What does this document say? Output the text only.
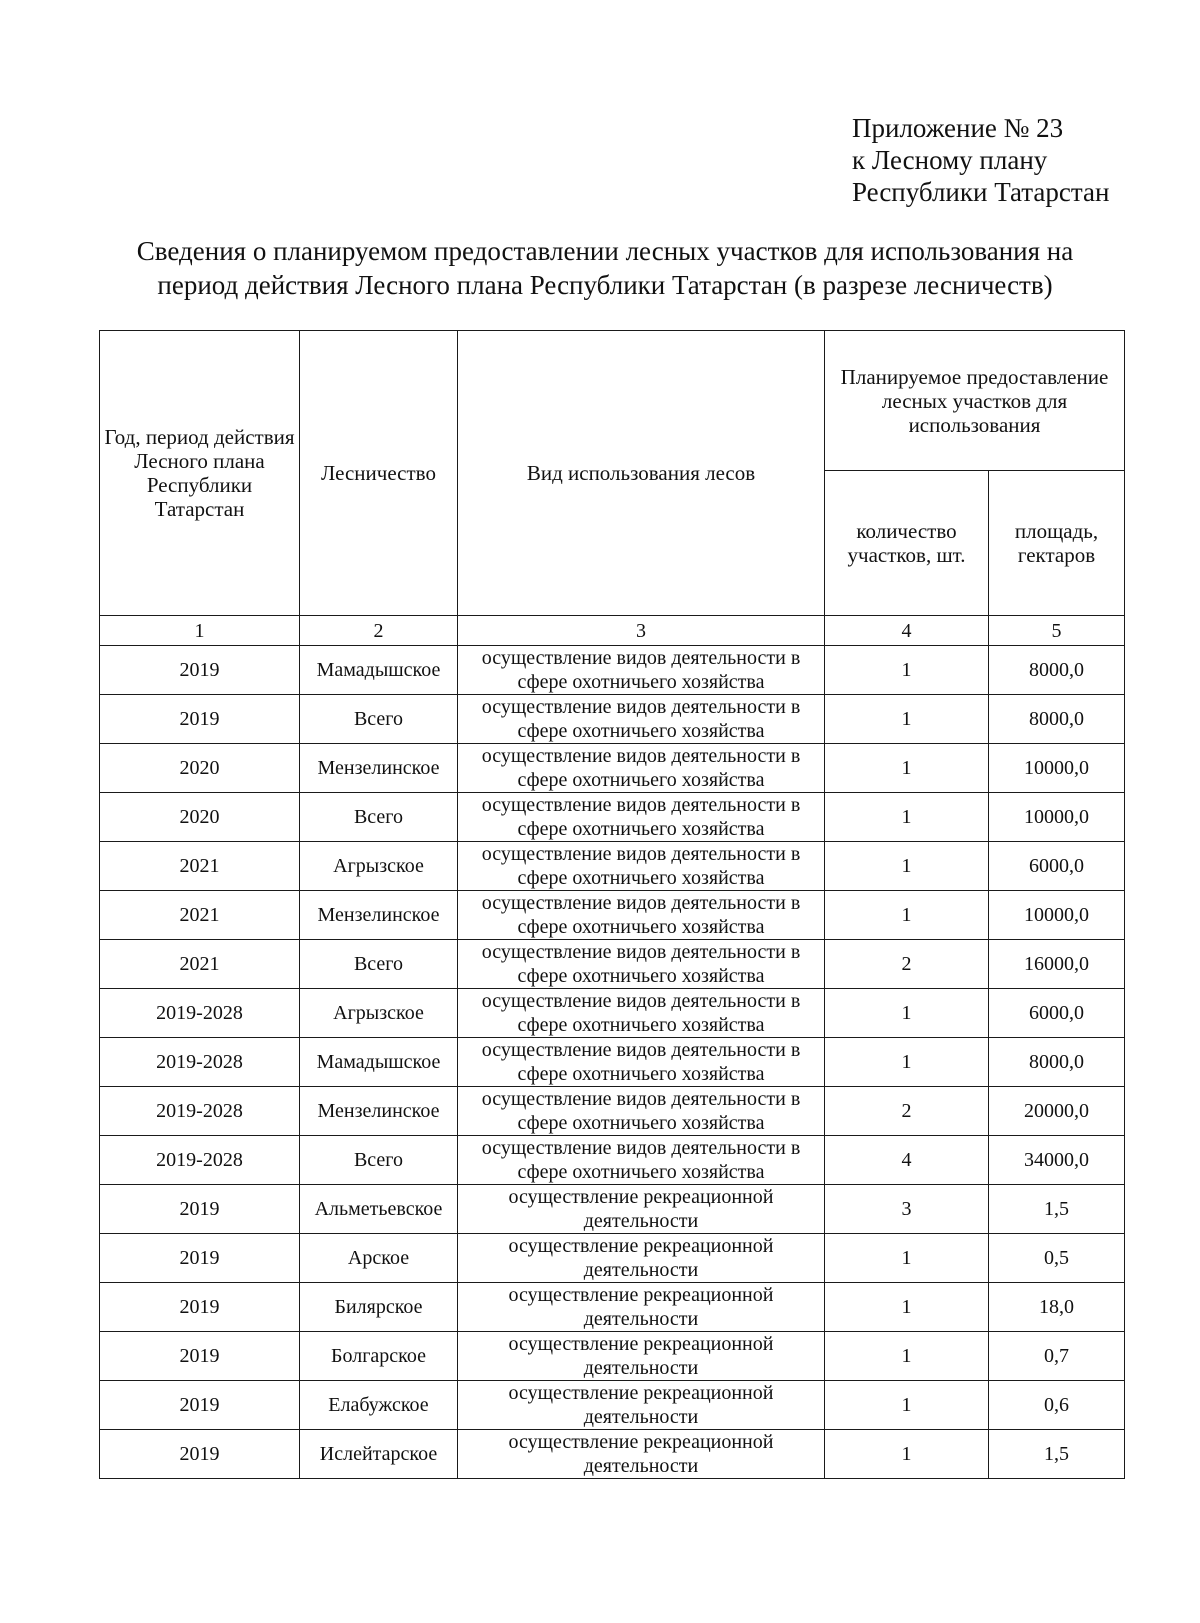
Приложение № 23
к Лесному плану
Республики Татарстан
Сведения о планируемом предоставлении лесных участков для использования на
период действия Лесного плана Республики Татарстан (в разрезе лесничеств)
Год, период действия Лесного плана Республики Татарстан	Лесничество	Вид использования лесов	Планируемое предоставление лесных участков для использования	
			количество участков, шт.	площадь, гектаров
1	2	3	4	5
2019	Мамадышское	осуществление видов деятельности в сфере охотничьего хозяйства	1	8000,0
2019	Всего	осуществление видов деятельности в сфере охотничьего хозяйства	1	8000,0
2020	Мензелинское	осуществление видов деятельности в сфере охотничьего хозяйства	1	10000,0
2020	Всего	осуществление видов деятельности в сфере охотничьего хозяйства	1	10000,0
2021	Агрызское	осуществление видов деятельности в сфере охотничьего хозяйства	1	6000,0
2021	Мензелинское	осуществление видов деятельности в сфере охотничьего хозяйства	1	10000,0
2021	Всего	осуществление видов деятельности в сфере охотничьего хозяйства	2	16000,0
2019-2028	Агрызское	осуществление видов деятельности в сфере охотничьего хозяйства	1	6000,0
2019-2028	Мамадышское	осуществление видов деятельности в сфере охотничьего хозяйства	1	8000,0
2019-2028	Мензелинское	осуществление видов деятельности в сфере охотничьего хозяйства	2	20000,0
2019-2028	Всего	осуществление видов деятельности в сфере охотничьего хозяйства	4	34000,0
2019	Альметьевское	осуществление рекреационной деятельности	3	1,5
2019	Арское	осуществление рекреационной деятельности	1	0,5
2019	Билярское	осуществление рекреационной деятельности	1	18,0
2019	Болгарское	осуществление рекреационной деятельности	1	0,7
2019	Елабужское	осуществление рекреационной деятельности	1	0,6
2019	Ислейтарское	осуществление рекреационной деятельности	1	1,5
